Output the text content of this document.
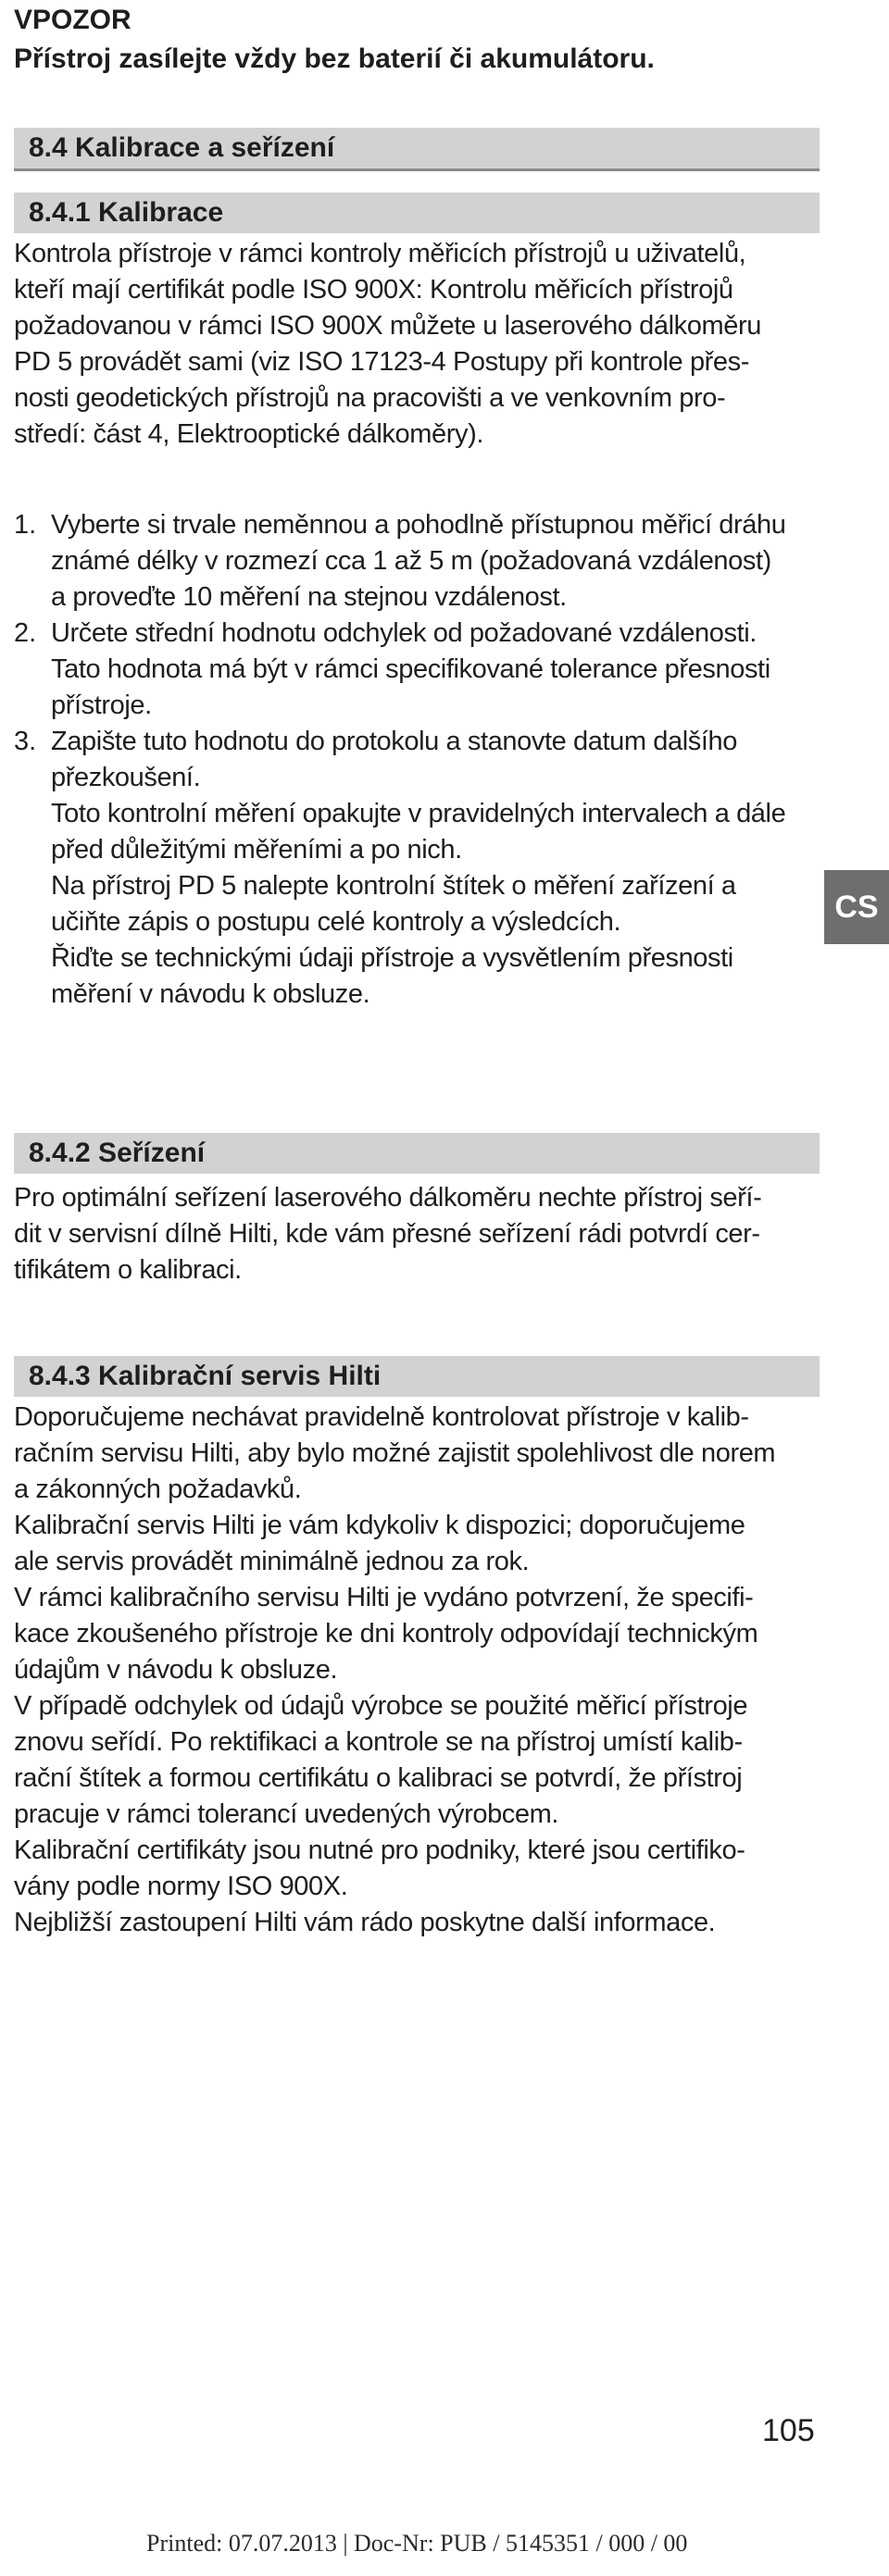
VPOZOR
Přístroj zasílejte vždy bez baterií či akumulátoru.
8.4 Kalibrace a seřízení
8.4.1 Kalibrace

Kontrola přístroje v rámci kontroly měřicích přístrojů u uživatelů,

kteří mají certifikát podle ISO 900X: Kontrolu měřicích přístrojů

požadovanou v rámci ISO 900X můžete u laserového dálkoměru

PD 5 provádět sami (viz ISO 17123-4 Postupy při kontrole přes-

nosti geodetických přístrojů na pracovišti a ve venkovním pro-

středí: část 4, Elektrooptické dálkoměry).

1. Vyberte si trvale neměnnou a pohodlně přístupnou měřicí dráhu

známé délky v rozmezí cca 1 až 5 m (požadovaná vzdálenost)

a proveďte 10 měření na stejnou vzdálenost.

2. Určete střední hodnotu odchylek od požadované vzdálenosti.

Tato hodnota má být v rámci specifikované tolerance přesnosti

přístroje.

3. Zapište tuto hodnotu do protokolu a stanovte datum dalšího

přezkoušení.

Toto kontrolní měření opakujte v pravidelných intervalech a dále

před důležitými měřeními a po nich.

Na přístroj PD 5 nalepte kontrolní štítek o měření zařízení a

učiňte zápis o postupu celé kontroly a výsledcích.

Řiďte se technickými údaji přístroje a vysvětlením přesnosti

měření v návodu k obsluze.

8.4.2 Seřízení

Pro optimální seřízení laserového dálkoměru nechte přístroj seří-

dit v servisní dílně Hilti, kde vám přesné seřízení rádi potvrdí cer-

tifikátem o kalibraci.

8.4.3 Kalibrační servis Hilti

Doporučujeme nechávat pravidelně kontrolovat přístroje v kalib-

račním servisu Hilti, aby bylo možné zajistit spolehlivost dle norem

a zákonných požadavků.

Kalibrační servis Hilti je vám kdykoliv k dispozici; doporučujeme

ale servis provádět minimálně jednou za rok.

V rámci kalibračního servisu Hilti je vydáno potvrzení, že specifi-

kace zkoušeného přístroje ke dni kontroly odpovídají technickým

údajům v návodu k obsluze.

V případě odchylek od údajů výrobce se použité měřicí přístroje

znovu seřídí. Po rektifikaci a kontrole se na přístroj umístí kalib-

rační štítek a formou certifikátu o kalibraci se potvrdí, že přístroj

pracuje v rámci tolerancí uvedených výrobcem.

Kalibrační certifikáty jsou nutné pro podniky, které jsou certifiko-

vány podle normy ISO 900X.

Nejbližší zastoupení Hilti vám rádo poskytne další informace.

CS
105
Printed: 07.07.2013 | Doc-Nr: PUB / 5145351 / 000 / 00
